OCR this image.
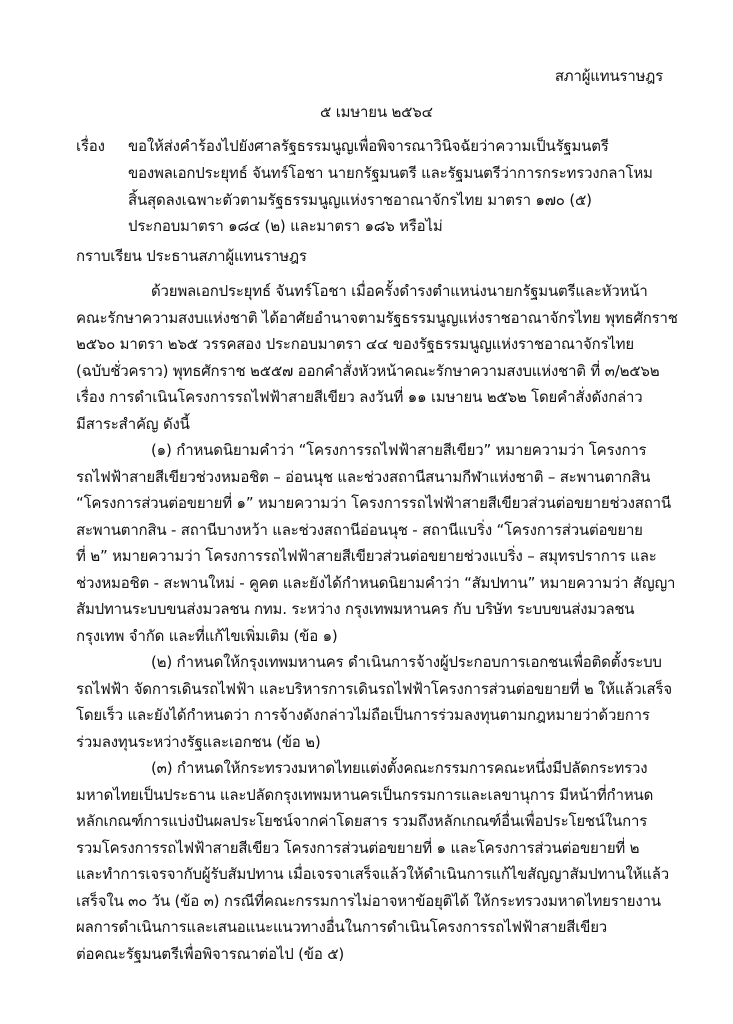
สภาผู้แทนราษฎร
๕ เมษายน ๒๕๖๔
เรื่อง ขอให้ส่งคำร้องไปยังศาลรัฐธรรมนูญเพื่อพิจารณาวินิจฉัยว่าความเป็นรัฐมนตรี
ของพลเอกประยุทธ์ จันทร์โอชา นายกรัฐมนตรี และรัฐมนตรีว่าการกระทรวงกลาโหม
สิ้นสุดลงเฉพาะตัวตามรัฐธรรมนูญแห่งราชอาณาจักรไทย มาตรา ๑๗๐ (๕)
ประกอบมาตรา ๑๘๔ (๒) และมาตรา ๑๘๖ หรือไม่
กราบเรียน ประธานสภาผู้แทนราษฎร
ด้วยพลเอกประยุทธ์ จันทร์โอชา เมื่อครั้งดำรงตำแหน่งนายกรัฐมนตรีและหัวหน้า
คณะรักษาความสงบแห่งชาติ ได้อาศัยอำนาจตามรัฐธรรมนูญแห่งราชอาณาจักรไทย พุทธศักราช
๒๕๖๐ มาตรา ๒๖๕ วรรคสอง ประกอบมาตรา ๔๔ ของรัฐธรรมนูญแห่งราชอาณาจักรไทย
(ฉบับชั่วคราว) พุทธศักราช ๒๕๕๗ ออกคำสั่งหัวหน้าคณะรักษาความสงบแห่งชาติ ที่ ๓/๒๕๖๒
เรื่อง การดำเนินโครงการรถไฟฟ้าสายสีเขียว ลงวันที่ ๑๑ เมษายน ๒๕๖๒ โดยคำสั่งดังกล่าว
มีสาระสำคัญ ดังนี้
(๑) กำหนดนิยามคำว่า “โครงการรถไฟฟ้าสายสีเขียว” หมายความว่า โครงการ
รถไฟฟ้าสายสีเขียวช่วงหมอชิต – อ่อนนุช และช่วงสถานีสนามกีฬาแห่งชาติ – สะพานตากสิน
“โครงการส่วนต่อขยายที่ ๑” หมายความว่า โครงการรถไฟฟ้าสายสีเขียวส่วนต่อขยายช่วงสถานี
สะพานตากสิน - สถานีบางหว้า และช่วงสถานีอ่อนนุช - สถานีแบริ่ง “โครงการส่วนต่อขยาย
ที่ ๒” หมายความว่า โครงการรถไฟฟ้าสายสีเขียวส่วนต่อขยายช่วงแบริ่ง – สมุทรปราการ และ
ช่วงหมอชิต - สะพานใหม่ - คูคต และยังได้กำหนดนิยามคำว่า “สัมปทาน” หมายความว่า สัญญา
สัมปทานระบบขนส่งมวลชน กทม. ระหว่าง กรุงเทพมหานคร กับ บริษัท ระบบขนส่งมวลชน
กรุงเทพ จำกัด และที่แก้ไขเพิ่มเติม (ข้อ ๑)
(๒) กำหนดให้กรุงเทพมหานคร ดำเนินการจ้างผู้ประกอบการเอกชนเพื่อติดตั้งระบบ
รถไฟฟ้า จัดการเดินรถไฟฟ้า และบริหารการเดินรถไฟฟ้าโครงการส่วนต่อขยายที่ ๒ ให้แล้วเสร็จ
โดยเร็ว และยังได้กำหนดว่า การจ้างดังกล่าวไม่ถือเป็นการร่วมลงทุนตามกฎหมายว่าด้วยการ
ร่วมลงทุนระหว่างรัฐและเอกชน (ข้อ ๒)
(๓) กำหนดให้กระทรวงมหาดไทยแต่งตั้งคณะกรรมการคณะหนึ่งมีปลัดกระทรวง
มหาดไทยเป็นประธาน และปลัดกรุงเทพมหานครเป็นกรรมการและเลขานุการ มีหน้าที่กำหนด
หลักเกณฑ์การแบ่งปันผลประโยชน์จากค่าโดยสาร รวมถึงหลักเกณฑ์อื่นเพื่อประโยชน์ในการ
รวมโครงการรถไฟฟ้าสายสีเขียว โครงการส่วนต่อขยายที่ ๑ และโครงการส่วนต่อขยายที่ ๒
และทำการเจรจากับผู้รับสัมปทาน เมื่อเจรจาเสร็จแล้วให้ดำเนินการแก้ไขสัญญาสัมปทานให้แล้ว
เสร็จใน ๓๐ วัน (ข้อ ๓) กรณีที่คณะกรรมการไม่อาจหาข้อยุติได้ ให้กระทรวงมหาดไทยรายงาน
ผลการดำเนินการและเสนอแนะแนวทางอื่นในการดำเนินโครงการรถไฟฟ้าสายสีเขียว
ต่อคณะรัฐมนตรีเพื่อพิจารณาต่อไป (ข้อ ๕)
